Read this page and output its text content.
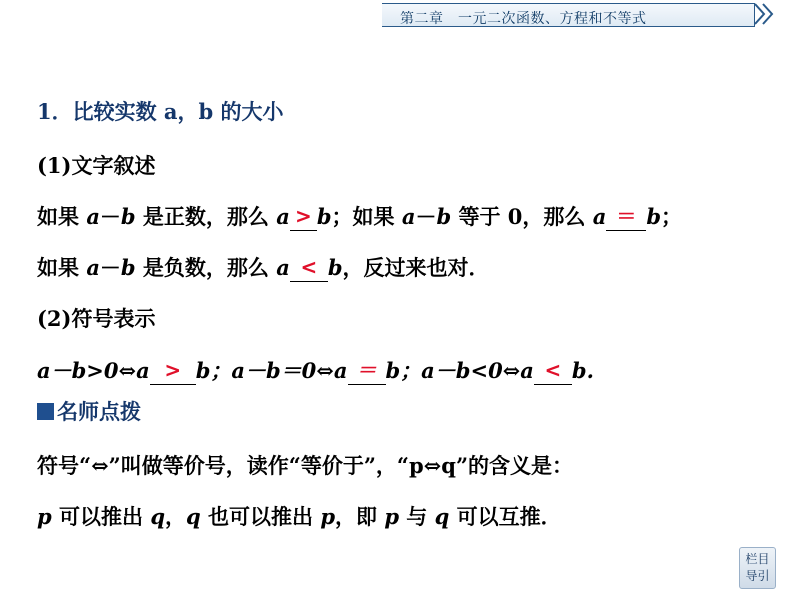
第二章　一元二次函数、方程和不等式
1．比较实数 a，b 的大小
(1)文字叙述
如果 a－b 是正数，那么 a > b；如果 a－b 等于 0，那么 a ＝ b；
如果 a－b 是负数，那么 a < b，反过来也对．
(2)符号表示
a－b>0⇔a > b；a－b＝0⇔a ＝ b；a－b<0⇔a < b.
名师点拨
符号“⇔”叫做等价号，读作“等价于”，“p⇔q”的含义是：
p 可以推出 q，q 也可以推出 p，即 p 与 q 可以互推．
栏目
导引
